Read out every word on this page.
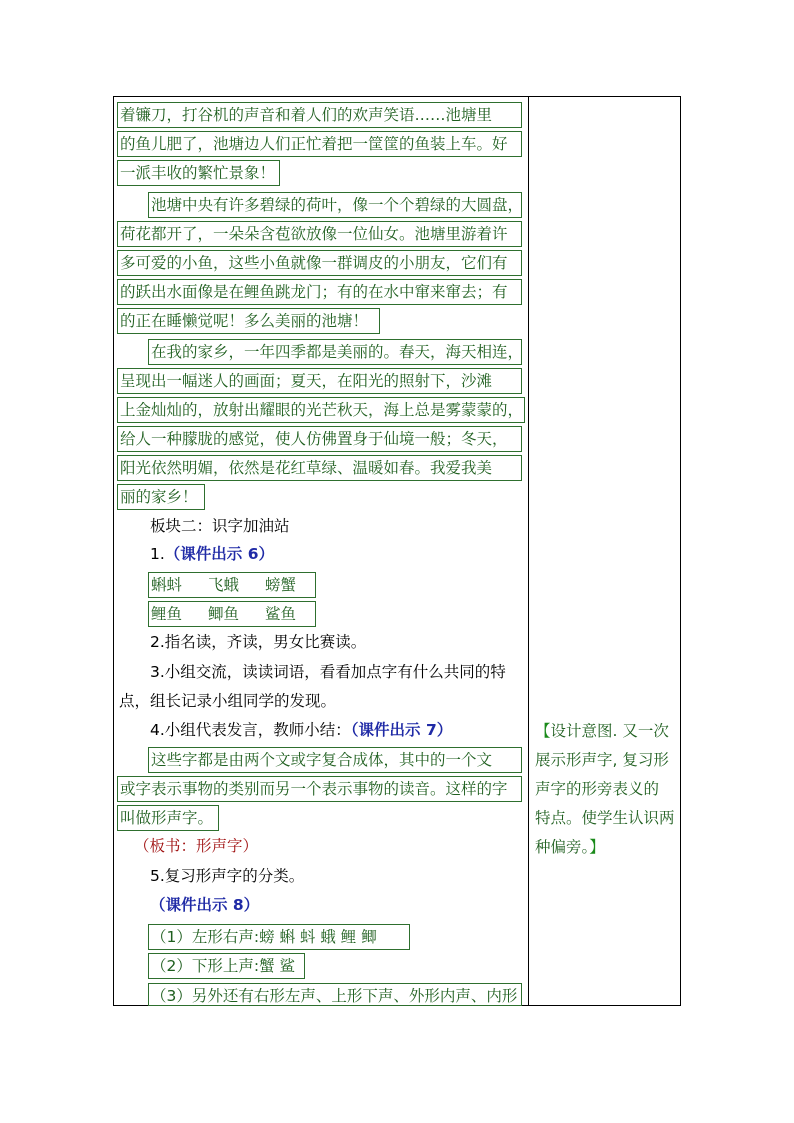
着镰刀，打谷机的声音和着人们的欢声笑语……池塘里
的鱼儿肥了，池塘边人们正忙着把一筐筐的鱼装上车。好
一派丰收的繁忙景象！
池塘中央有许多碧绿的荷叶，像一个个碧绿的大圆盘，
荷花都开了，一朵朵含苞欲放像一位仙女。池塘里游着许
多可爱的小鱼，这些小鱼就像一群调皮的小朋友，它们有
的跃出水面像是在鲤鱼跳龙门；有的在水中窜来窜去；有
的正在睡懒觉呢！多么美丽的池塘！
在我的家乡，一年四季都是美丽的。春天，海天相连，
呈现出一幅迷人的画面；夏天，在阳光的照射下，沙滩
上金灿灿的，放射出耀眼的光芒秋天，海上总是雾蒙蒙的，
给人一种朦胧的感觉，使人仿佛置身于仙境一般；冬天，
阳光依然明媚，依然是花红草绿、温暖如春。我爱我美
丽的家乡！
板块二：识字加油站
1.（课件出示 6）
蝌蚪 飞蛾 螃蟹
鲤鱼 鲫鱼 鲨鱼
2.指名读，齐读，男女比赛读。
3.小组交流，读读词语，看看加点字有什么共同的特
点，组长记录小组同学的发现。
4.小组代表发言，教师小结：（课件出示 7）
这些字都是由两个文或字复合成体，其中的一个文
或字表示事物的类别而另一个表示事物的读音。这样的字
叫做形声字。
（板书：形声字）
5.复习形声字的分类。
（课件出示 8）
（1）左形右声:螃 蝌 蚪 蛾 鲤 鲫
（2）下形上声:蟹 鲨
（3）另外还有右形左声、上形下声、外形内声、内形
【设计意图. 又一次
展示形声字, 复习形
声字的形旁表义的
特点。使学生认识两
种偏旁。】
